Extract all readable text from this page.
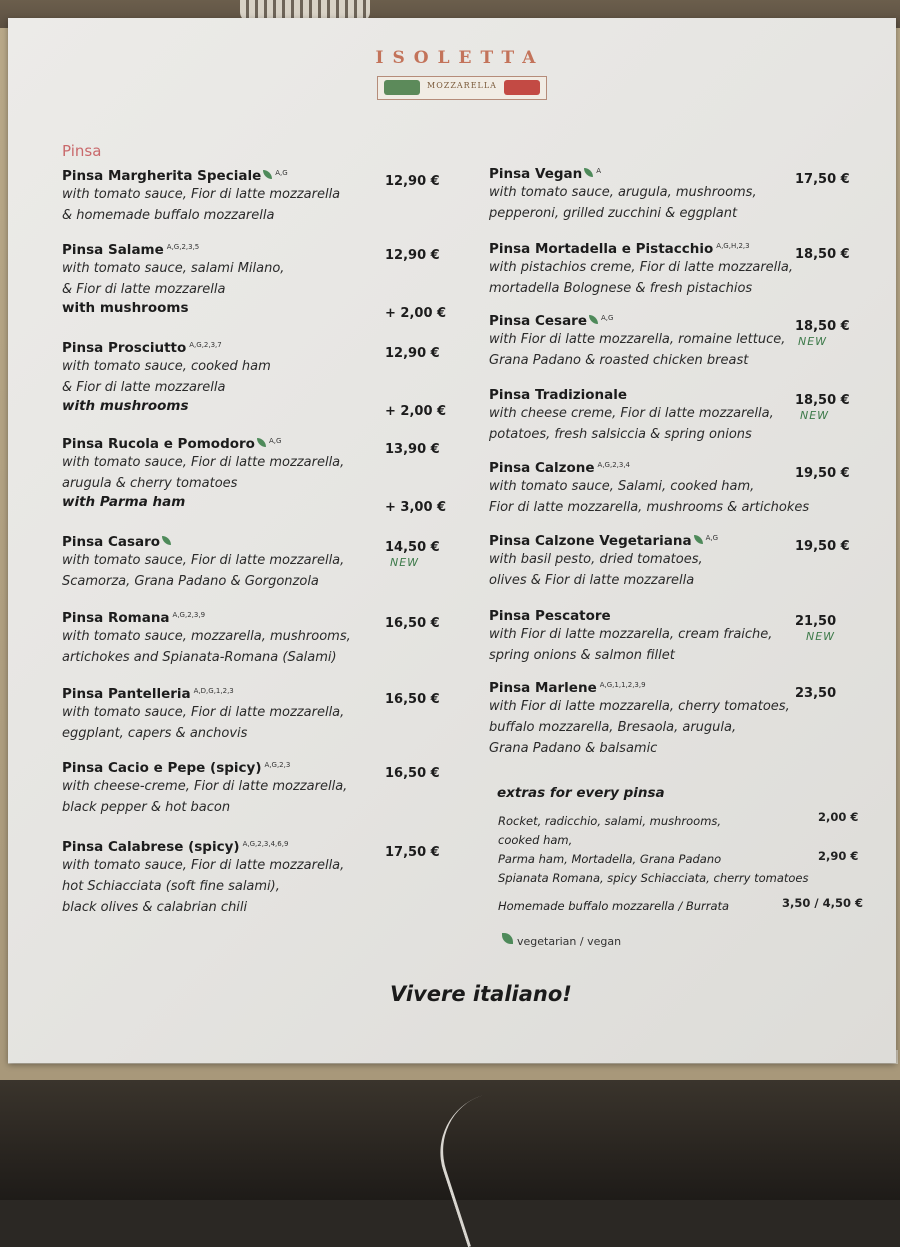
ISOLETTA
MOZZARELLA
Pinsa
Pinsa Margherita Speciale $^{A,G}$
with tomato sauce, Fior di latte mozzarella
& homemade buffalo mozzarella
12,90 €
Pinsa Salame $^{A,G,2,3,5}$
with tomato sauce, salami Milano,
& Fior di latte mozzarella
with mushrooms
12,90 €
+ 2,00 €
Pinsa Prosciutto $^{A,G,2,3,7}$
with tomato sauce, cooked ham
& Fior di latte mozzarella
with mushrooms
12,90 €
+ 2,00 €
Pinsa Rucola e Pomodoro $^{A,G}$
with tomato sauce, Fior di latte mozzarella,
arugula & cherry tomatoes
with Parma ham
13,90 €
+ 3,00 €
Pinsa Casaro
with tomato sauce, Fior di latte mozzarella,
Scamorza, Grana Padano & Gorgonzola
14,50 €
NEW
Pinsa Romana $^{A,G,2,3,9}$
with tomato sauce, mozzarella, mushrooms,
artichokes and Spianata-Romana (Salami)
16,50 €
Pinsa Pantelleria $^{A,D,G,1,2,3}$
with tomato sauce, Fior di latte mozzarella,
eggplant, capers & anchovis
16,50 €
Pinsa Cacio e Pepe (spicy) $^{A,G,2,3}$
with cheese-creme, Fior di latte mozzarella,
black pepper & hot bacon
16,50 €
Pinsa Calabrese (spicy) $^{A,G,2,3,4,6,9}$
with tomato sauce, Fior di latte mozzarella,
hot Schiacciata (soft fine salami),
black olives & calabrian chili
17,50 €
Pinsa Vegan $^A$
with tomato sauce, arugula, mushrooms,
pepperoni, grilled zucchini & eggplant
17,50 €
Pinsa Mortadella e Pistacchio $^{A,G,H,2,3}$
with pistachios creme, Fior di latte mozzarella,
mortadella Bolognese & fresh pistachios
18,50 €
Pinsa Cesare $^{A,G}$
with Fior di latte mozzarella, romaine lettuce,
Grana Padano & roasted chicken breast
18,50 €
NEW
Pinsa Tradizionale
with cheese creme, Fior di latte mozzarella,
potatoes, fresh salsiccia & spring onions
18,50 €
NEW
Pinsa Calzone $^{A,G,2,3,4}$
with tomato sauce, Salami, cooked ham,
Fior di latte mozzarella, mushrooms & artichokes
19,50 €
Pinsa Calzone Vegetariana $^{A,G}$
with basil pesto, dried tomatoes,
olives & Fior di latte mozzarella
19,50 €
Pinsa Pescatore
with Fior di latte mozzarella, cream fraiche,
spring onions & salmon fillet
21,50
NEW
Pinsa Marlene $^{A,G,1,1,2,3,9}$
with Fior di latte mozzarella, cherry tomatoes,
buffalo mozzarella, Bresaola, arugula,
Grana Padano & balsamic
23,50
extras for every pinsa
Rocket, radicchio, salami, mushrooms,
cooked ham,
2,00 €
Parma ham, Mortadella, Grana Padano
Spianata Romana, spicy Schiacciata, cherry tomatoes
2,90 €
Homemade buffalo mozzarella / Burrata	3,50 / 4,50 €
vegetarian / vegan
Vivere italiano!
